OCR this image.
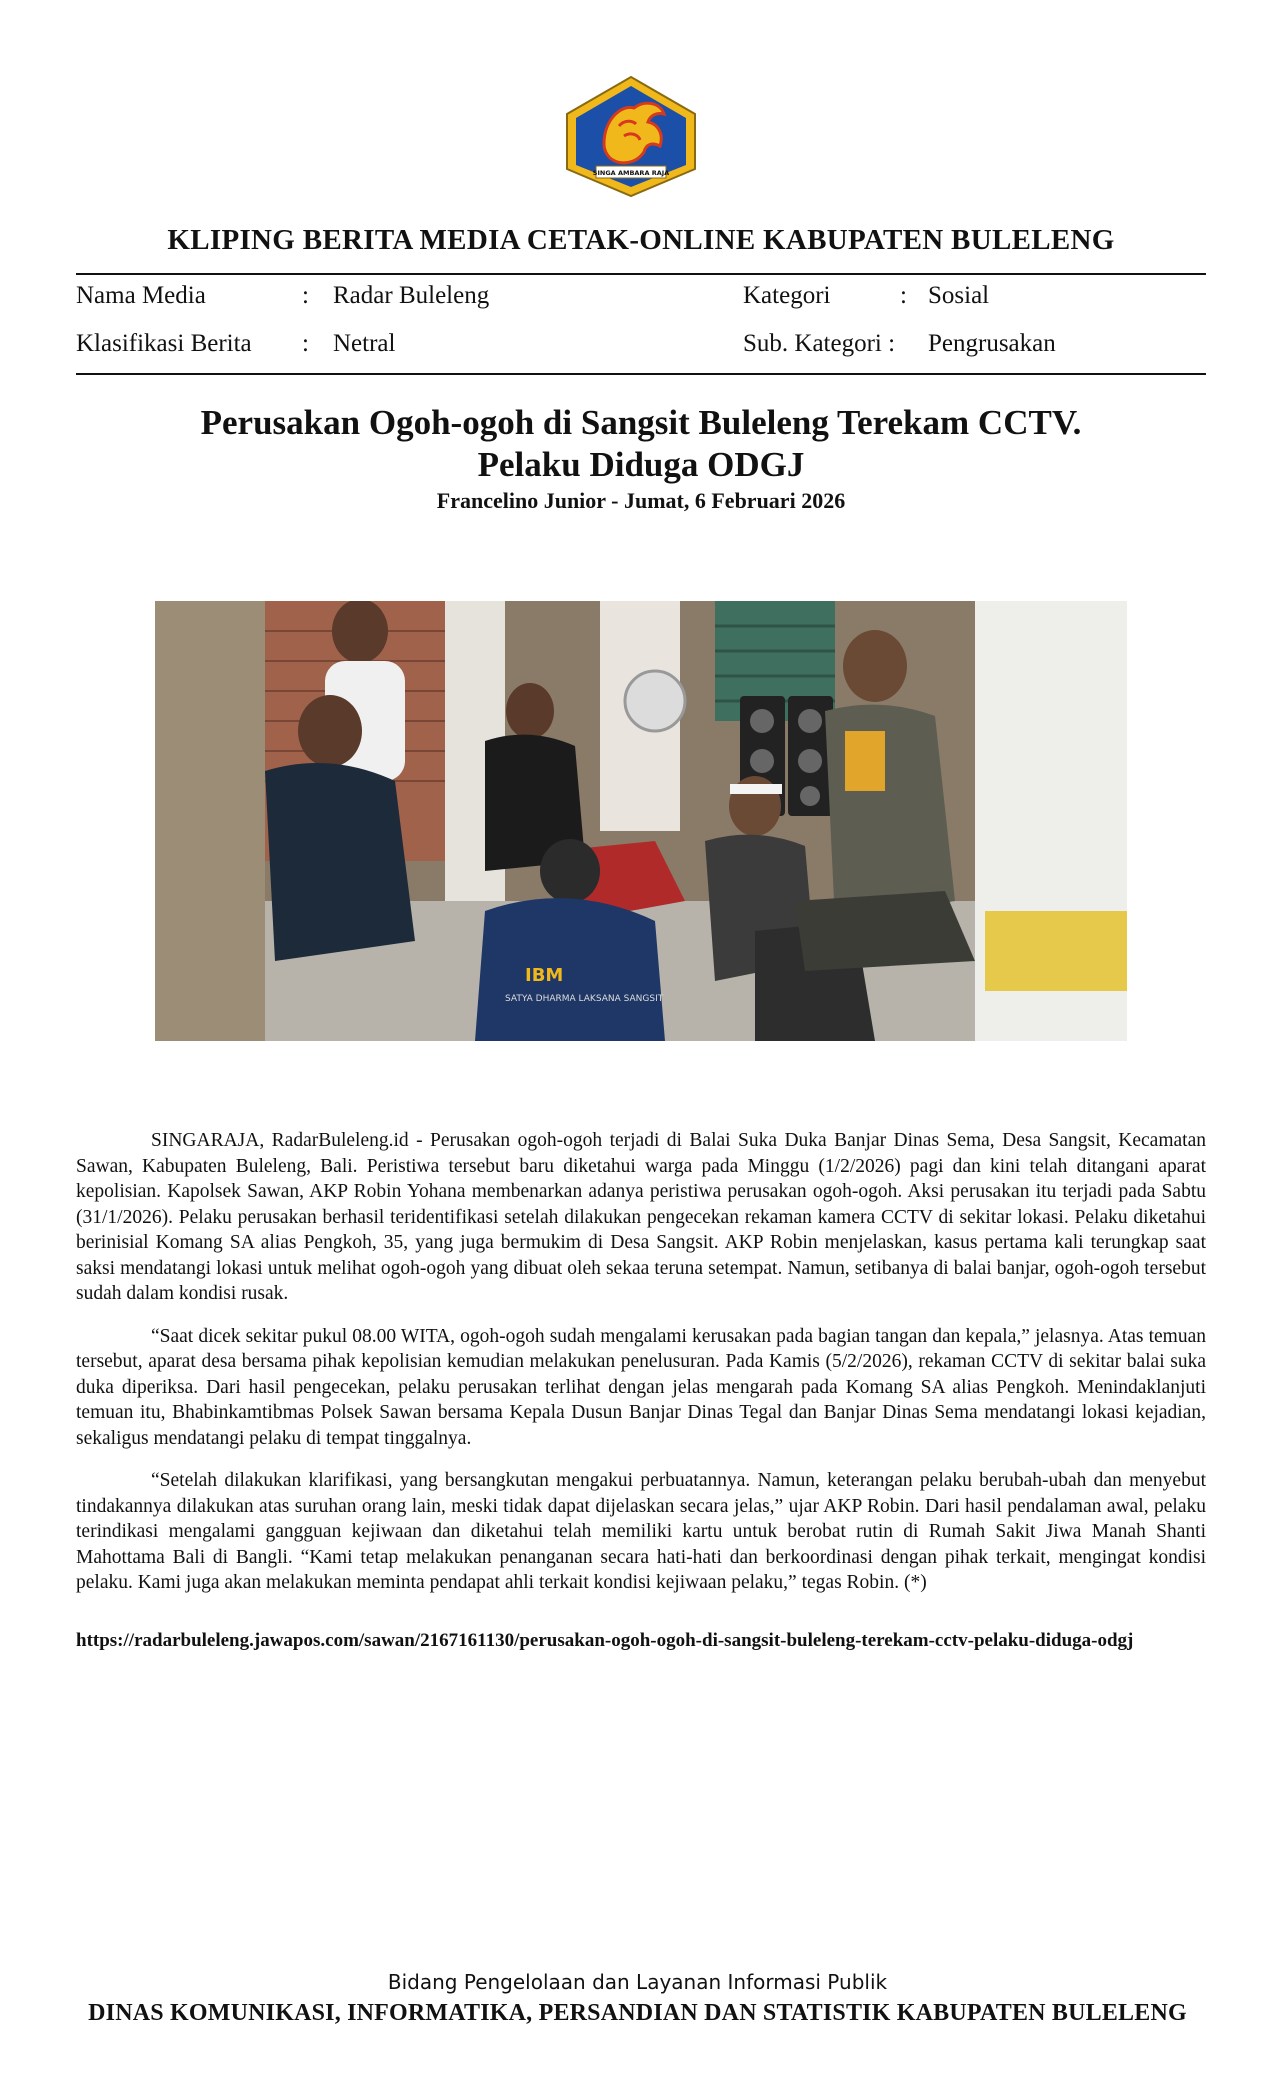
SINGA AMBARA RAJA
KLIPING BERITA MEDIA CETAK-ONLINE KABUPATEN BULELENG
Nama Media	: Radar Buleleng
Klasifikasi Berita : Netral
Kategori	: Sosial
Sub. Kategori : Pengrusakan
Perusakan Ogoh-ogoh di Sangsit Buleleng Terekam CCTV.
Pelaku Diduga ODGJ
Francelino Junior - Jumat, 6 Februari 2026
IBM
SATYA DHARMA LAKSANA SANGSIT

SINGARAJA, RadarBuleleng.id - Perusakan ogoh-ogoh terjadi di Balai Suka Duka Banjar Dinas Sema, Desa Sangsit, Kecamatan Sawan, Kabupaten Buleleng, Bali. Peristiwa tersebut baru diketahui warga pada Minggu (1/2/2026) pagi dan kini telah ditangani aparat kepolisian. Kapolsek Sawan, AKP Robin Yohana membenarkan adanya peristiwa perusakan ogoh-ogoh. Aksi perusakan itu terjadi pada Sabtu (31/1/2026). Pelaku perusakan berhasil teridentifikasi setelah dilakukan pengecekan rekaman kamera CCTV di sekitar lokasi. Pelaku diketahui berinisial Komang SA alias Pengkoh, 35, yang juga bermukim di Desa Sangsit. AKP Robin menjelaskan, kasus pertama kali terungkap saat saksi mendatangi lokasi untuk melihat ogoh-ogoh yang dibuat oleh sekaa teruna setempat. Namun, setibanya di balai banjar, ogoh-ogoh tersebut sudah dalam kondisi rusak.

“Saat dicek sekitar pukul 08.00 WITA, ogoh-ogoh sudah mengalami kerusakan pada bagian tangan dan kepala,” jelasnya. Atas temuan tersebut, aparat desa bersama pihak kepolisian kemudian melakukan penelusuran. Pada Kamis (5/2/2026), rekaman CCTV di sekitar balai suka duka diperiksa. Dari hasil pengecekan, pelaku perusakan terlihat dengan jelas mengarah pada Komang SA alias Pengkoh. Menindaklanjuti temuan itu, Bhabinkamtibmas Polsek Sawan bersama Kepala Dusun Banjar Dinas Tegal dan Banjar Dinas Sema mendatangi lokasi kejadian, sekaligus mendatangi pelaku di tempat tinggalnya.

“Setelah dilakukan klarifikasi, yang bersangkutan mengakui perbuatannya. Namun, keterangan pelaku berubah-ubah dan menyebut tindakannya dilakukan atas suruhan orang lain, meski tidak dapat dijelaskan secara jelas,” ujar AKP Robin. Dari hasil pendalaman awal, pelaku terindikasi mengalami gangguan kejiwaan dan diketahui telah memiliki kartu untuk berobat rutin di Rumah Sakit Jiwa Manah Shanti Mahottama Bali di Bangli. “Kami tetap melakukan penanganan secara hati-hati dan berkoordinasi dengan pihak terkait, mengingat kondisi pelaku. Kami juga akan melakukan meminta pendapat ahli terkait kondisi kejiwaan pelaku,” tegas Robin. (*)

https://radarbuleleng.jawapos.com/sawan/2167161130/perusakan-ogoh-ogoh-di-sangsit-buleleng-terekam-cctv-pelaku-diduga-odgj
Bidang Pengelolaan dan Layanan Informasi Publik
DINAS KOMUNIKASI, INFORMATIKA, PERSANDIAN DAN STATISTIK KABUPATEN BULELENG
